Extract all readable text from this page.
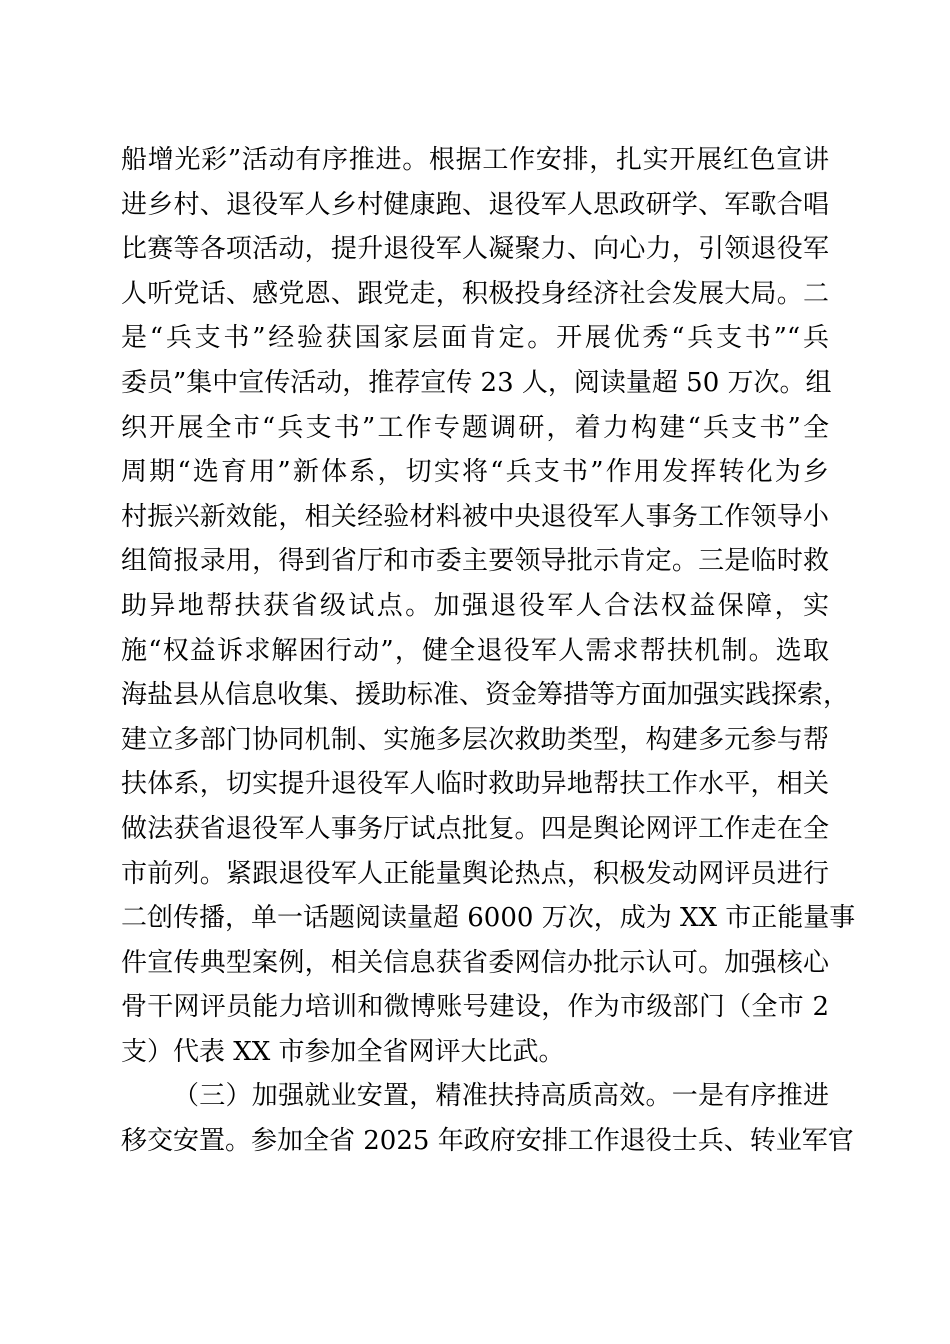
船增光彩”活动有序推进。根据工作安排，扎实开展红色宣讲
进乡村、退役军人乡村健康跑、退役军人思政研学、军歌合唱
比赛等各项活动，提升退役军人凝聚力、向心力，引领退役军
人听党话、感党恩、跟党走，积极投身经济社会发展大局。二
是“兵支书”经验获国家层面肯定。开展优秀“兵支书”“兵
委员”集中宣传活动，推荐宣传 23 人，阅读量超 50 万次。组
织开展全市“兵支书”工作专题调研，着力构建“兵支书”全
周期“选育用”新体系，切实将“兵支书”作用发挥转化为乡
村振兴新效能，相关经验材料被中央退役军人事务工作领导小
组简报录用，得到省厅和市委主要领导批示肯定。三是临时救
助异地帮扶获省级试点。加强退役军人合法权益保障，实
施“权益诉求解困行动”，健全退役军人需求帮扶机制。选取
海盐县从信息收集、援助标准、资金筹措等方面加强实践探索，
建立多部门协同机制、实施多层次救助类型，构建多元参与帮
扶体系，切实提升退役军人临时救助异地帮扶工作水平，相关
做法获省退役军人事务厅试点批复。四是舆论网评工作走在全
市前列。紧跟退役军人正能量舆论热点，积极发动网评员进行
二创传播，单一话题阅读量超 6000 万次，成为 XX 市正能量事
件宣传典型案例，相关信息获省委网信办批示认可。加强核心
骨干网评员能力培训和微博账号建设，作为市级部门（全市 2
支）代表 XX 市参加全省网评大比武。
（三）加强就业安置，精准扶持高质高效。一是有序推进
移交安置。参加全省 2025 年政府安排工作退役士兵、转业军官
